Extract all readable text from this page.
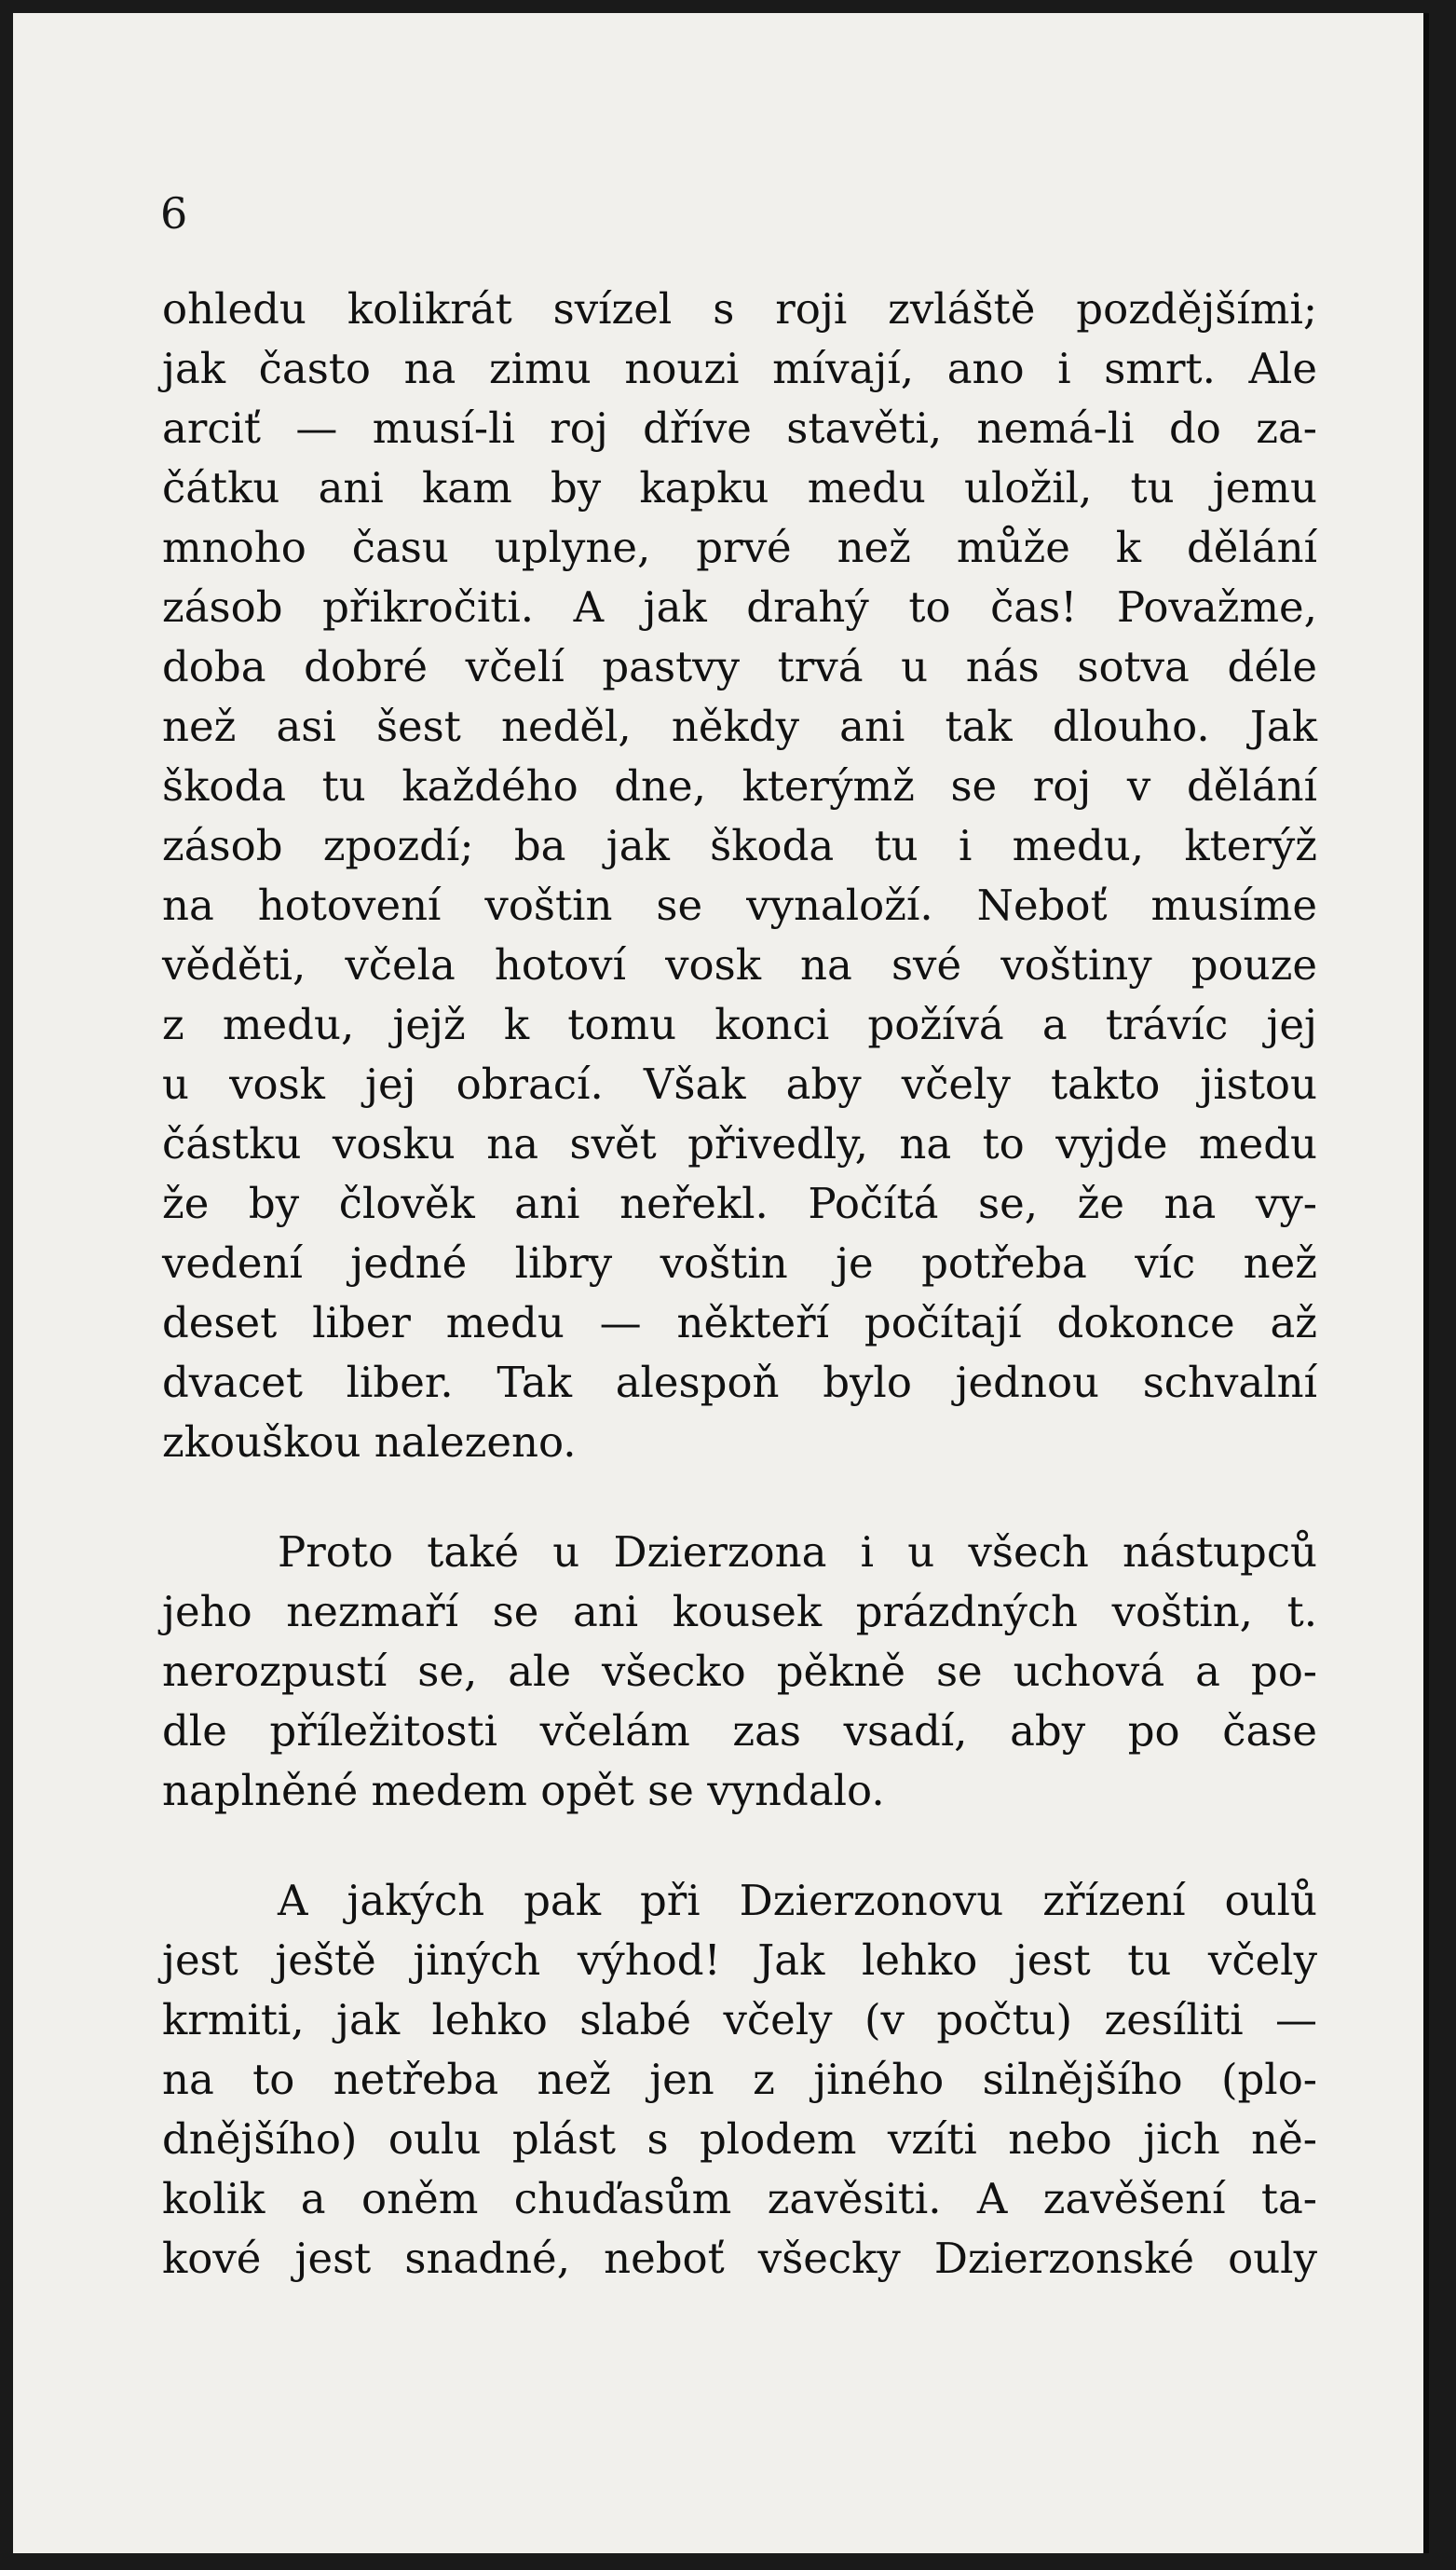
6
ohledu kolikrát svízel s roji zvláště pozdějšími;
jak často na zimu nouzi mívají, ano i smrt. Ale
arciť — musí-li roj dříve stavěti, nemá-li do za-
čátku ani kam by kapku medu uložil, tu jemu
mnoho času uplyne, prvé než může k dělání
zásob přikročiti. A jak drahý to čas! Považme,
doba dobré včelí pastvy trvá u nás sotva déle
než asi šest neděl, někdy ani tak dlouho. Jak
škoda tu každého dne, kterýmž se roj v dělání
zásob zpozdí; ba jak škoda tu i medu, kterýž
na hotovení voštin se vynaloží. Neboť musíme
věděti, včela hotoví vosk na své voštiny pouze
z medu, jejž k tomu konci požívá a trávíc jej
u vosk jej obrací. Však aby včely takto jistou
částku vosku na svět přivedly, na to vyjde medu
že by člověk ani neřekl. Počítá se, že na vy-
vedení jedné libry voštin je potřeba víc než
deset liber medu — někteří počítají dokonce až
dvacet liber. Tak alespoň bylo jednou schvalní
zkouškou nalezeno.
Proto také u Dzierzona i u všech nástupců
jeho nezmaří se ani kousek prázdných voštin, t.
nerozpustí se, ale všecko pěkně se uchová a po-
dle příležitosti včelám zas vsadí, aby po čase
naplněné medem opět se vyndalo.
A jakých pak při Dzierzonovu zřízení oulů
jest ještě jiných výhod! Jak lehko jest tu včely
krmiti, jak lehko slabé včely (v počtu) zesíliti —
na to netřeba než jen z jiného silnějšího (plo-
dnějšího) oulu plást s plodem vzíti nebo jich ně-
kolik a oněm chuďasům zavěsiti. A zavěšení ta-
kové jest snadné, neboť všecky Dzierzonské ouly
